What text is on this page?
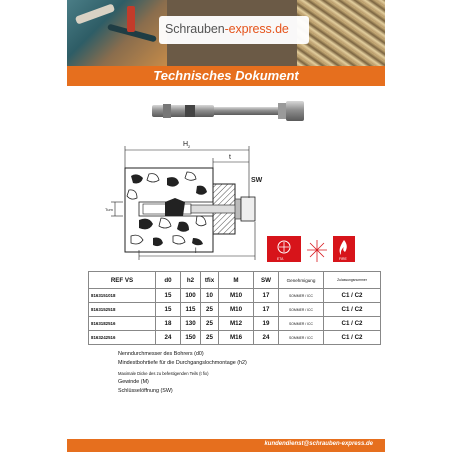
Schrauben-express.de
Technisches Dokument
H 2
t
SW
Tum
l
ETA	FIRE
REF VS	d0	h2	tfix	M	SW	Genehmigung	Zulassungsnummer
8163151018	15	100	10	M10	17	SOMMER / ICC	C1 / C2
8163152518	15	115	25	M10	17	SOMMER / ICC	C1 / C2
8163182516	18	130	25	M12	19	SOMMER / ICC	C1 / C2
8163242516	24	150	25	M16	24	SOMMER / ICC	C1 / C2
Nenndurchmesser des Bohrers (d0)
Mindestbohrtiefe für die Durchgangslochmontage (h2)
Maximale Dicke des zu befestigenden Teils (t fix)
Gewinde (M)
Schlüsselöffnung (SW)
kundendienst@schrauben-express.de
